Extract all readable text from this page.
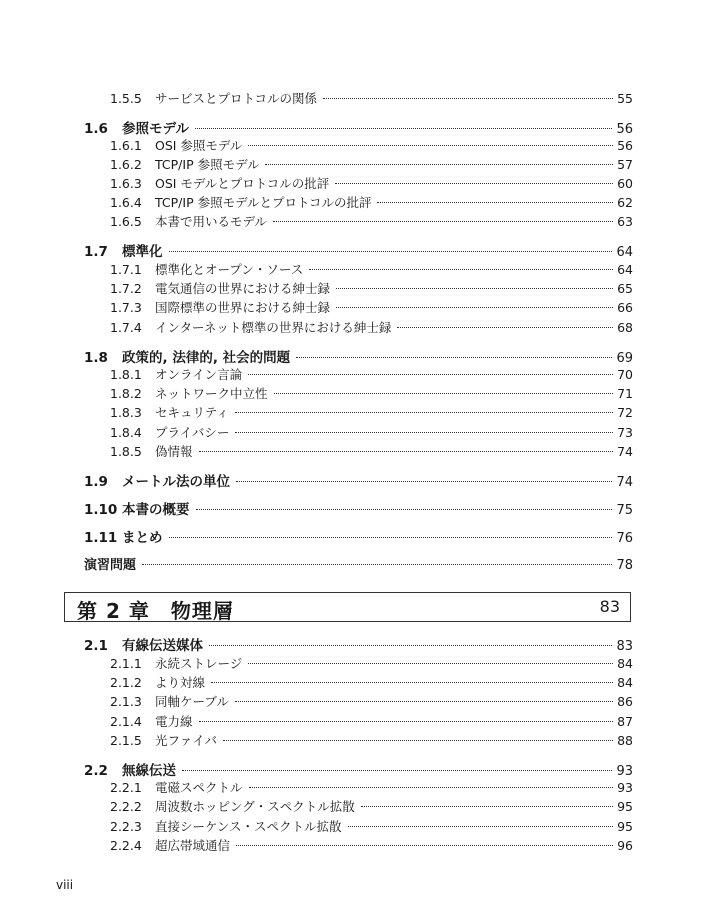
1.5.5	サービスとプロトコルの関係	55
1.6	参照モデル	56
1.6.1	OSI 参照モデル	56
1.6.2	TCP/IP 参照モデル	57
1.6.3	OSI モデルとプロトコルの批評	60
1.6.4	TCP/IP 参照モデルとプロトコルの批評	62
1.6.5	本書で用いるモデル	63
1.7	標準化	64
1.7.1	標準化とオープン・ソース	64
1.7.2	電気通信の世界における紳士録	65
1.7.3	国際標準の世界における紳士録	66
1.7.4	インターネット標準の世界における紳士録	68
1.8	政策的, 法律的, 社会的問題	69
1.8.1	オンライン言論	70
1.8.2	ネットワーク中立性	71
1.8.3	セキュリティ	72
1.8.4	プライバシー	73
1.8.5	偽情報	74
1.9	メートル法の単位	74
1.10 本書の概要	75
1.11 まとめ	76
演習問題	78
第 2 章　物理層	83
2.1	有線伝送媒体	83
2.1.1	永続ストレージ	84
2.1.2	より対線	84
2.1.3	同軸ケーブル	86
2.1.4	電力線	87
2.1.5	光ファイバ	88
2.2	無線伝送	93
2.2.1	電磁スペクトル	93
2.2.2	周波数ホッピング・スペクトル拡散	95
2.2.3	直接シーケンス・スペクトル拡散	95
2.2.4	超広帯域通信	96
viii
